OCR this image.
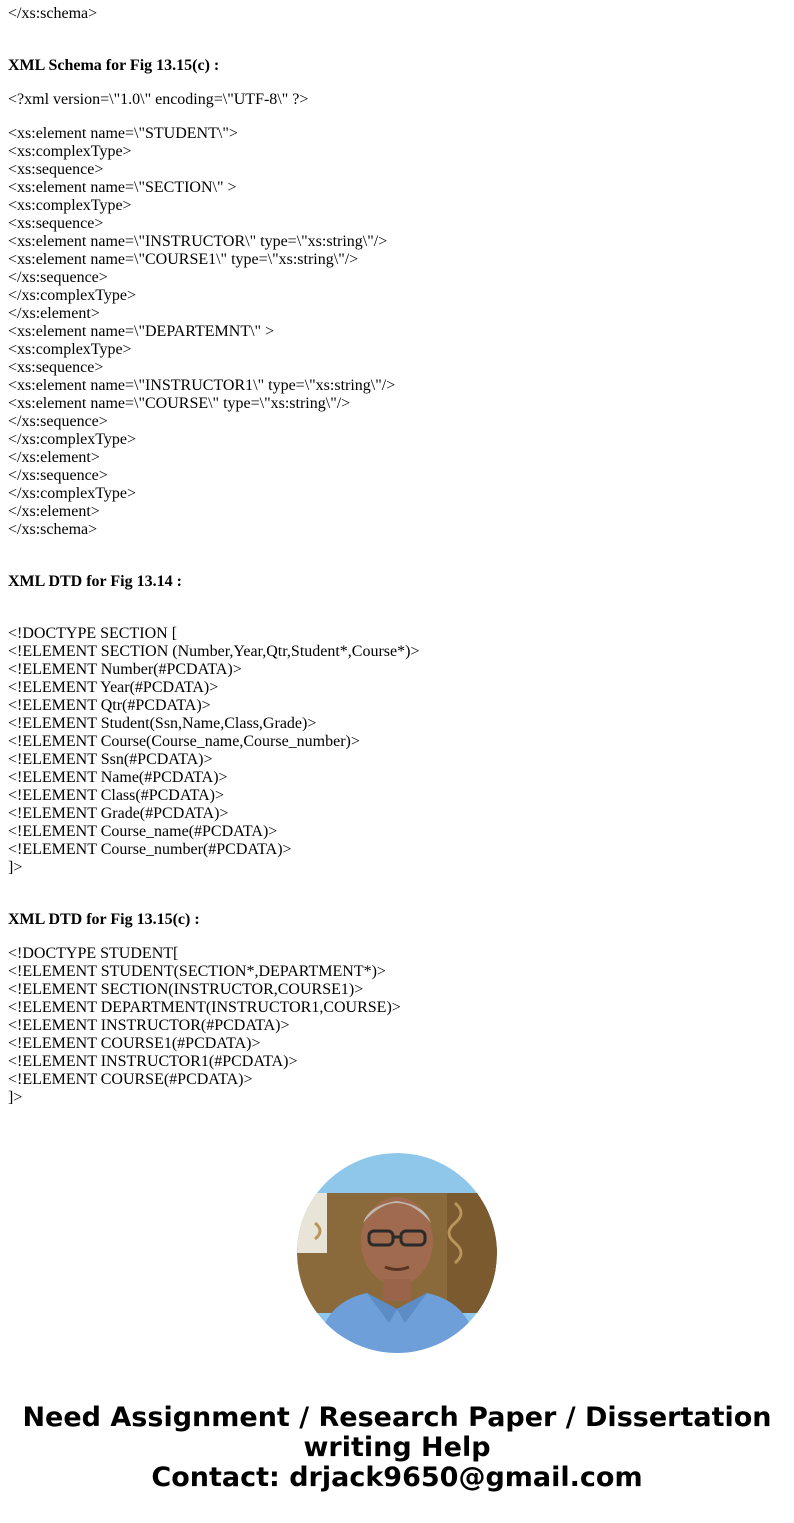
</xs:schema>
XML Schema for Fig 13.15(c) :
<?xml version=\"1.0\" encoding=\"UTF-8\" ?>
<xs:element name=\"STUDENT\">
<xs:complexType>
<xs:sequence>
<xs:element name=\"SECTION\" >
<xs:complexType>
<xs:sequence>
<xs:element name=\"INSTRUCTOR\" type=\"xs:string\"/>
<xs:element name=\"COURSE1\" type=\"xs:string\"/>
</xs:sequence>
</xs:complexType>
</xs:element>
<xs:element name=\"DEPARTEMNT\" >
<xs:complexType>
<xs:sequence>
<xs:element name=\"INSTRUCTOR1\" type=\"xs:string\"/>
<xs:element name=\"COURSE\" type=\"xs:string\"/>
</xs:sequence>
</xs:complexType>
</xs:element>
</xs:sequence>
</xs:complexType>
</xs:element>
</xs:schema>
XML DTD for Fig 13.14 :
<!DOCTYPE SECTION [
<!ELEMENT SECTION (Number,Year,Qtr,Student*,Course*)>
<!ELEMENT Number(#PCDATA)>
<!ELEMENT Year(#PCDATA)>
<!ELEMENT Qtr(#PCDATA)>
<!ELEMENT Student(Ssn,Name,Class,Grade)>
<!ELEMENT Course(Course_name,Course_number)>
<!ELEMENT Ssn(#PCDATA)>
<!ELEMENT Name(#PCDATA)>
<!ELEMENT Class(#PCDATA)>
<!ELEMENT Grade(#PCDATA)>
<!ELEMENT Course_name(#PCDATA)>
<!ELEMENT Course_number(#PCDATA)>
]>
XML DTD for Fig 13.15(c) :
<!DOCTYPE STUDENT[
<!ELEMENT STUDENT(SECTION*,DEPARTMENT*)>
<!ELEMENT SECTION(INSTRUCTOR,COURSE1)>
<!ELEMENT DEPARTMENT(INSTRUCTOR1,COURSE)>
<!ELEMENT INSTRUCTOR(#PCDATA)>
<!ELEMENT COURSE1(#PCDATA)>
<!ELEMENT INSTRUCTOR1(#PCDATA)>
<!ELEMENT COURSE(#PCDATA)>
]>
Need Assignment / Research Paper / Dissertation
writing Help
Contact: drjack9650@gmail.com
